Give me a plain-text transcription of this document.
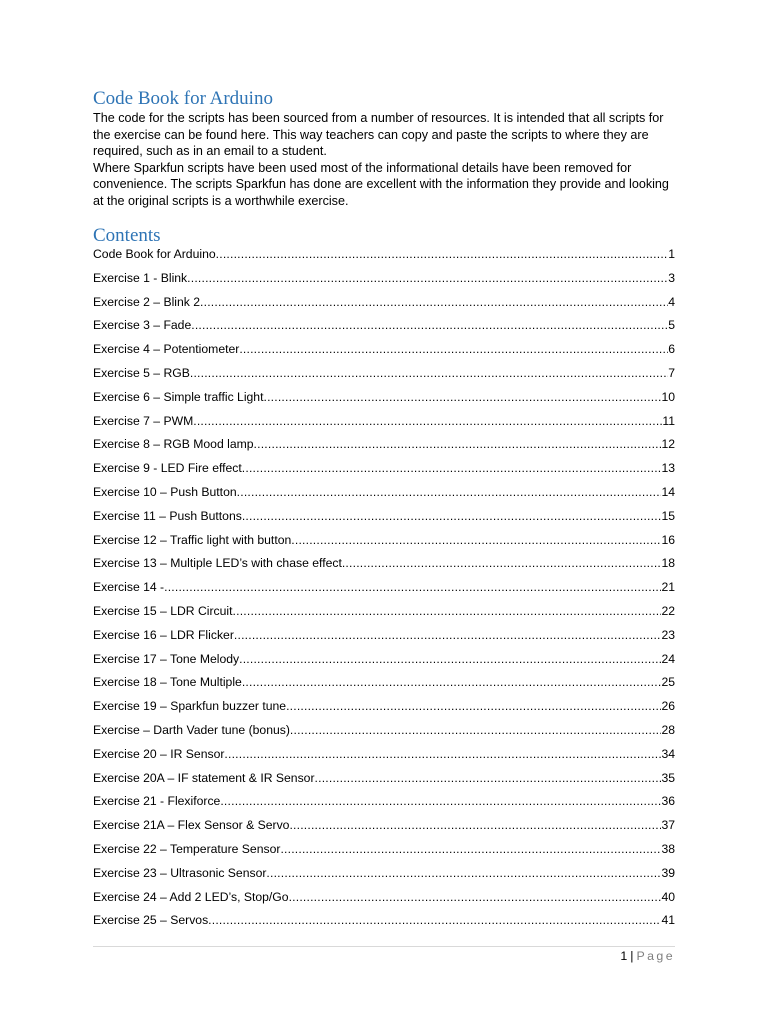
Code Book for Arduino

The code for the scripts has been sourced from a number of resources. It is intended that all scripts for the exercise can be found here. This way teachers can copy and paste the scripts to where they are required, such as in an email to a student.

Where Sparkfun scripts have been used most of the informational details have been removed for convenience. The scripts Sparkfun has done are excellent with the information they provide and looking at the original scripts is a worthwhile exercise.

Contents
Code Book for Arduino .....	1
Exercise 1 - Blink .....	3
Exercise 2 – Blink 2 .....	4
Exercise 3 – Fade .....	5
Exercise 4 – Potentiometer .....	6
Exercise 5 – RGB .....	7
Exercise 6 – Simple traffic Light .....	10
Exercise 7 – PWM .....	11
Exercise 8 – RGB Mood lamp .....	12
Exercise 9 - LED Fire effect .....	13
Exercise 10 – Push Button .....	14
Exercise 11 – Push Buttons .....	15
Exercise 12 – Traffic light with button .....	16
Exercise 13 – Multiple LED’s with chase effect .....	18
Exercise 14 - .....	21
Exercise 15 – LDR Circuit .....	22
Exercise 16 – LDR Flicker .....	23
Exercise 17 – Tone Melody .....	24
Exercise 18 – Tone Multiple .....	25
Exercise 19 – Sparkfun buzzer tune .....	26
Exercise – Darth Vader tune (bonus) .....	28
Exercise 20 – IR Sensor .....	34
Exercise 20A – IF statement & IR Sensor .....	35
Exercise 21 - Flexiforce .....	36
Exercise 21A – Flex Sensor & Servo .....	37
Exercise 22 – Temperature Sensor .....	38
Exercise 23 – Ultrasonic Sensor .....	39
Exercise 24 – Add 2 LED’s, Stop/Go .....	40
Exercise 25 – Servos .....	41
1 | Page
